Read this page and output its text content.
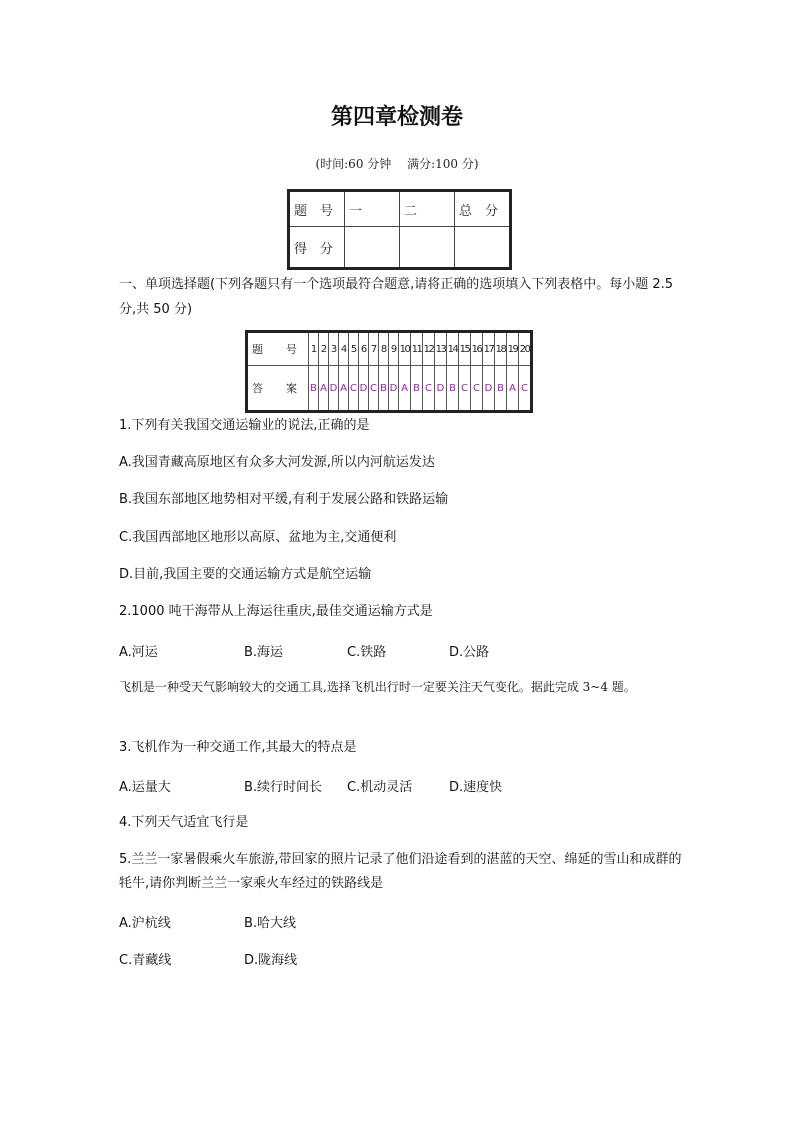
第四章检测卷
(时间:60 分钟　 满分:100 分)
题　号	一	二	总　分
得　分			
一、单项选择题(下列各题只有一个选项最符合题意,请将正确的选项填入下列表格中。每小题 2.5 分,共 50 分)
题　号	1	2	3	4	5	6	7	8	9	10	11	12	13	14	15	16	17	18	19	20
答　案	B	A	D	A	C	D	C	B	D	A	B	C	D	B	C	C	D	B	A	C
1.下列有关我国交通运输业的说法,正确的是
A.我国青藏高原地区有众多大河发源,所以内河航运发达
B.我国东部地区地势相对平缓,有利于发展公路和铁路运输
C.我国西部地区地形以高原、盆地为主,交通便利
D.目前,我国主要的交通运输方式是航空运输
2.1000 吨干海带从上海运往重庆,最佳交通运输方式是
A.河运	B.海运	C.铁路	D.公路
飞机是一种受天气影响较大的交通工具,选择飞机出行时一定要关注天气变化。据此完成 3~4 题。
3.飞机作为一种交通工作,其最大的特点是
A.运量大	B.续行时间长 C.机动灵活	D.速度快
4.下列天气适宜飞行是
5.兰兰一家暑假乘火车旅游,带回家的照片记录了他们沿途看到的湛蓝的天空、绵延的雪山和成群的牦牛,请你判断兰兰一家乘火车经过的铁路线是
A.沪杭线	B.哈大线
C.青藏线	D.陇海线
